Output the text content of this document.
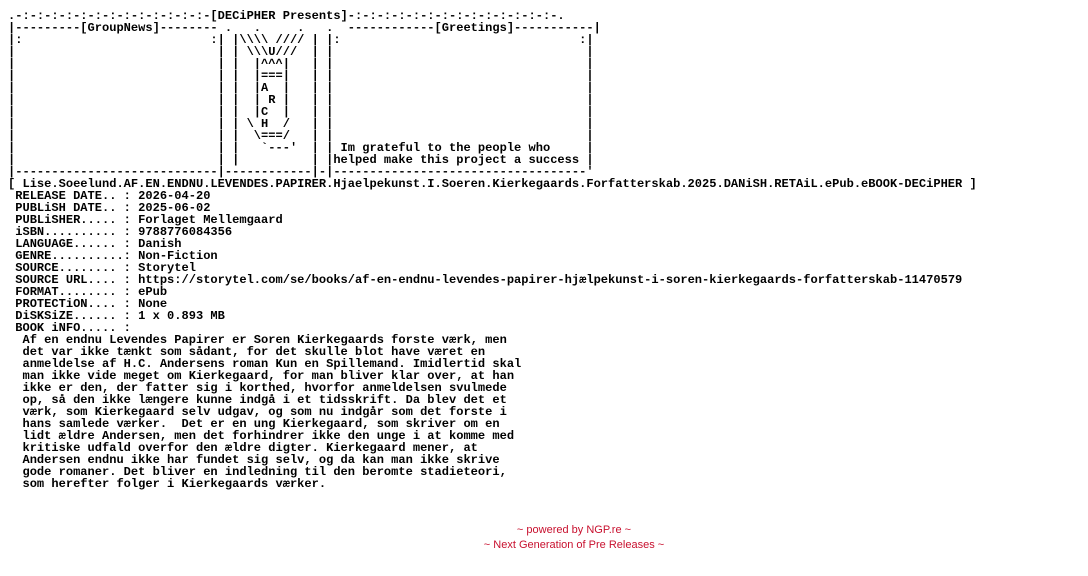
.-:-:-:-:-:-:-:-:-:-:-:-:-:-[DECiPHER Presents]-:-:-:-:-:-:-:-:-:-:-:-:-:-:-.
|---------[GroupNews]-------- .   .     .   .  ------------[Greetings]-----------|
|:                          :| |\\\\ //// | |:                                 :|
|                            | | \\\U///  | |                                   |
|                            | |  |^^^|   | |                                   |
|                            | |  |===|   | |                                   |
|                            | |  |A  |   | |                                   |
|                            | |  | R |   | |                                   |
|                            | |  |C  |   | |                                   |
|                            | | \ H  /   | |                                   |
|                            | |  \===/   | |                                   |
|                            | |   `---'  | | Im grateful to the people who     |
|                            | |          | |helped make this project a success |
|----------------------------|------------|-|-----------------------------------'
[ Lise.Soeelund.AF.EN.ENDNU.LEVENDES.PAPIRER.Hjaelpekunst.I.Soeren.Kierkegaards.Forfatterskab.2025.DANiSH.RETAiL.ePub.eBOOK-DECiPHER ]
RELEASE DATE.. : 2026-04-20
PUBLiSH DATE.. : 2025-06-02
PUBLiSHER..... : Forlaget Mellemgaard
iSBN.......... : 9788776084356
LANGUAGE...... : Danish
GENRE..........: Non-Fiction
SOURCE........ : Storytel
SOURCE URL.... : https://storytel.com/se/books/af-en-endnu-levendes-papirer-hjælpekunst-i-soren-kierkegaards-forfatterskab-11470579
FORMAT........ : ePub
PROTECTiON.... : None
DiSKSiZE...... : 1 x 0.893 MB
BOOK iNFO..... :
Af en endnu Levendes Papirer er Soren Kierkegaards forste værk, men
det var ikke tænkt som sådant, for det skulle blot have været en
anmeldelse af H.C. Andersens roman Kun en Spillemand. Imidlertid skal
man ikke vide meget om Kierkegaard, for man bliver klar over, at han
ikke er den, der fatter sig i korthed, hvorfor anmeldelsen svulmede
op, så den ikke længere kunne indgå i et tidsskrift. Da blev det et
værk, som Kierkegaard selv udgav, og som nu indgår som det forste i
hans samlede værker.  Det er en ung Kierkegaard, som skriver om en
lidt ældre Andersen, men det forhindrer ikke den unge i at komme med
kritiske udfald overfor den ældre digter. Kierkegaard mener, at
Andersen endnu ikke har fundet sig selv, og da kan man ikke skrive
gode romaner. Det bliver en indledning til den beromte stadieteori,
som herefter folger i Kierkegaards værker.
~ powered by NGP.re ~
~ Next Generation of Pre Releases ~
